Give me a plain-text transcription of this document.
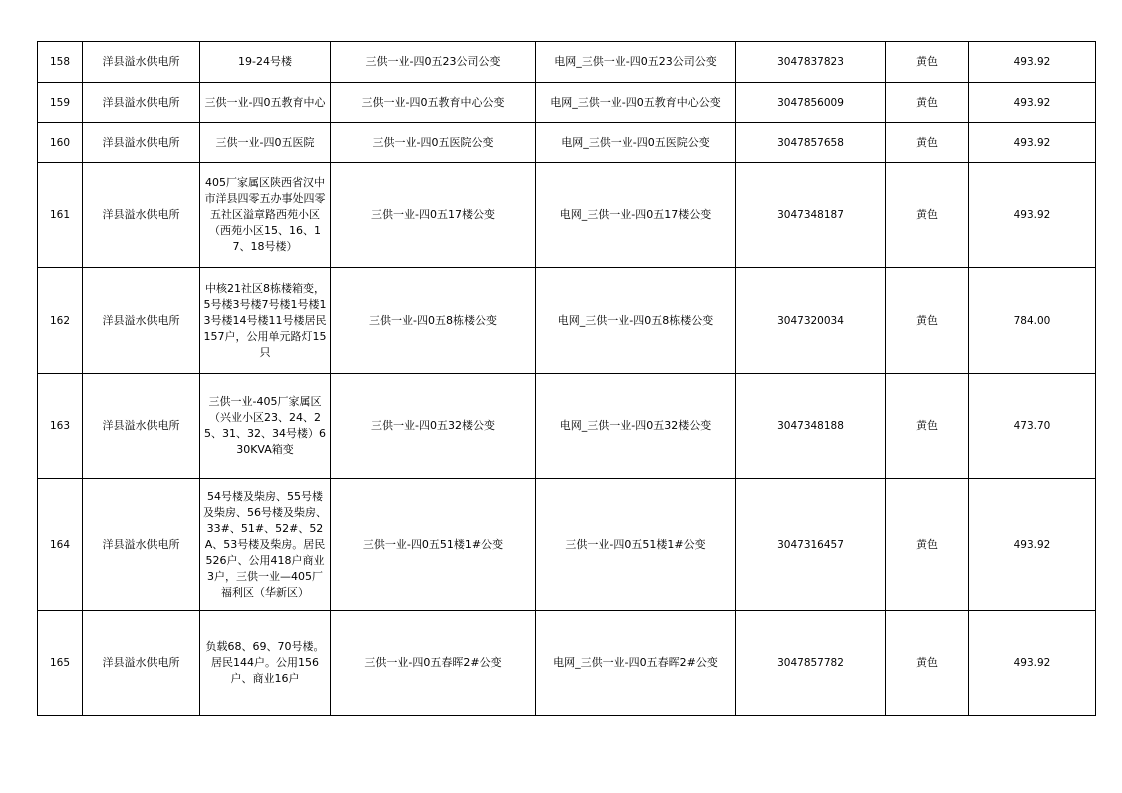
158	洋县溢水供电所	19-24号楼	三供一业-四0五23公司公变	电网_三供一业-四0五23公司公变	3047837823	黄色	493.92
159	洋县溢水供电所	三供一业-四0五教育中心	三供一业-四0五教育中心公变	电网_三供一业-四0五教育中心公变	3047856009	黄色	493.92
160	洋县溢水供电所	三供一业-四0五医院	三供一业-四0五医院公变	电网_三供一业-四0五医院公变	3047857658	黄色	493.92
161	洋县溢水供电所	405厂家属区陕西省汉中市洋县四零五办事处四零五社区溢章路西苑小区（西苑小区15、16、17、18号楼）	三供一业-四0五17楼公变	电网_三供一业-四0五17楼公变	3047348187	黄色	493.92
162	洋县溢水供电所	中核21社区8栋楼箱变，5号楼3号楼7号楼1号楼13号楼14号楼11号楼居民157户，公用单元路灯15只	三供一业-四0五8栋楼公变	电网_三供一业-四0五8栋楼公变	3047320034	黄色	784.00
163	洋县溢水供电所	三供一业-405厂家属区（兴业小区23、24、25、31、32、34号楼）630KVA箱变	三供一业-四0五32楼公变	电网_三供一业-四0五32楼公变	3047348188	黄色	473.70
164	洋县溢水供电所	54号楼及柴房、55号楼及柴房、56号楼及柴房、33#、51#、52#、52A、53号楼及柴房。居民526户、公用418户商业3户，三供一业—405厂福利区（华新区）	三供一业-四0五51楼1#公变	三供一业-四0五51楼1#公变	3047316457	黄色	493.92
165	洋县溢水供电所	负载68、69、70号楼。居民144户。公用156户、商业16户	三供一业-四0五春晖2#公变	电网_三供一业-四0五春晖2#公变	3047857782	黄色	493.92
